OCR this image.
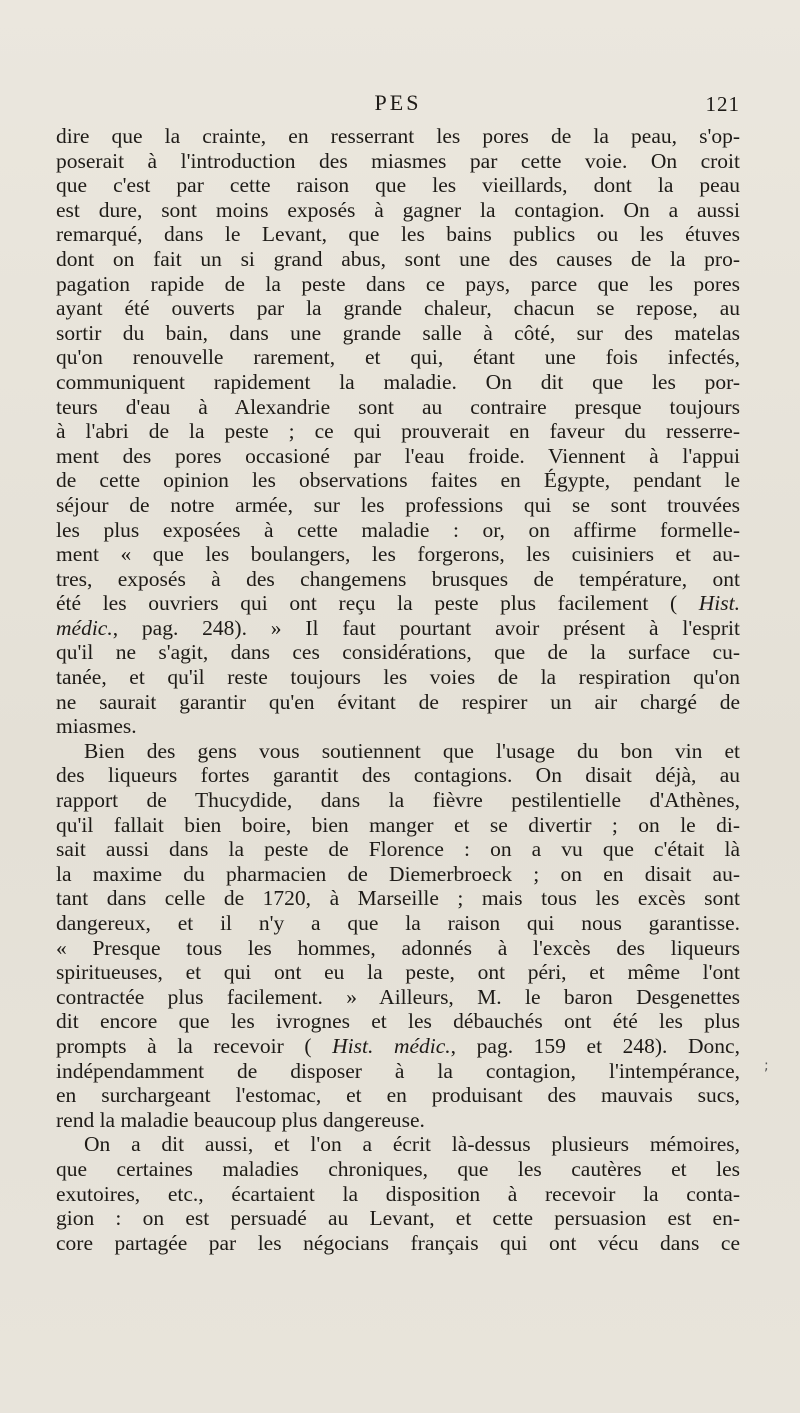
PES	121
dire que la crainte, en resserrant les pores de la peau, s'op-
poserait à l'introduction des miasmes par cette voie. On croit
que c'est par cette raison que les vieillards, dont la peau
est dure, sont moins exposés à gagner la contagion. On a aussi
remarqué, dans le Levant, que les bains publics ou les étuves
dont on fait un si grand abus, sont une des causes de la pro-
pagation rapide de la peste dans ce pays, parce que les pores
ayant été ouverts par la grande chaleur, chacun se repose, au
sortir du bain, dans une grande salle à côté, sur des matelas
qu'on renouvelle rarement, et qui, étant une fois infectés,
communiquent rapidement la maladie. On dit que les por-
teurs d'eau à Alexandrie sont au contraire presque toujours
à l'abri de la peste ; ce qui prouverait en faveur du resserre-
ment des pores occasioné par l'eau froide. Viennent à l'appui
de cette opinion les observations faites en Égypte, pendant le
séjour de notre armée, sur les professions qui se sont trouvées
les plus exposées à cette maladie : or, on affirme formelle-
ment « que les boulangers, les forgerons, les cuisiniers et au-
tres, exposés à des changemens brusques de température, ont
été les ouvriers qui ont reçu la peste plus facilement ( Hist.
médic., pag. 248). » Il faut pourtant avoir présent à l'esprit
qu'il ne s'agit, dans ces considérations, que de la surface cu-
tanée, et qu'il reste toujours les voies de la respiration qu'on
ne saurait garantir qu'en évitant de respirer un air chargé de
miasmes.
Bien des gens vous soutiennent que l'usage du bon vin et
des liqueurs fortes garantit des contagions. On disait déjà, au
rapport de Thucydide, dans la fièvre pestilentielle d'Athènes,
qu'il fallait bien boire, bien manger et se divertir ; on le di-
sait aussi dans la peste de Florence : on a vu que c'était là
la maxime du pharmacien de Diemerbroeck ; on en disait au-
tant dans celle de 1720, à Marseille ; mais tous les excès sont
dangereux, et il n'y a que la raison qui nous garantisse.
« Presque tous les hommes, adonnés à l'excès des liqueurs
spiritueuses, et qui ont eu la peste, ont péri, et même l'ont
contractée plus facilement. » Ailleurs, M. le baron Desgenettes
dit encore que les ivrognes et les débauchés ont été les plus
prompts à la recevoir ( Hist. médic., pag. 159 et 248). Donc,
indépendamment de disposer à la contagion, l'intempérance,
en surchargeant l'estomac, et en produisant des mauvais sucs,
rend la maladie beaucoup plus dangereuse.
On a dit aussi, et l'on a écrit là-dessus plusieurs mémoires,
que certaines maladies chroniques, que les cautères et les
exutoires, etc., écartaient la disposition à recevoir la conta-
gion : on est persuadé au Levant, et cette persuasion est en-
core partagée par les négocians français qui ont vécu dans ce
;
